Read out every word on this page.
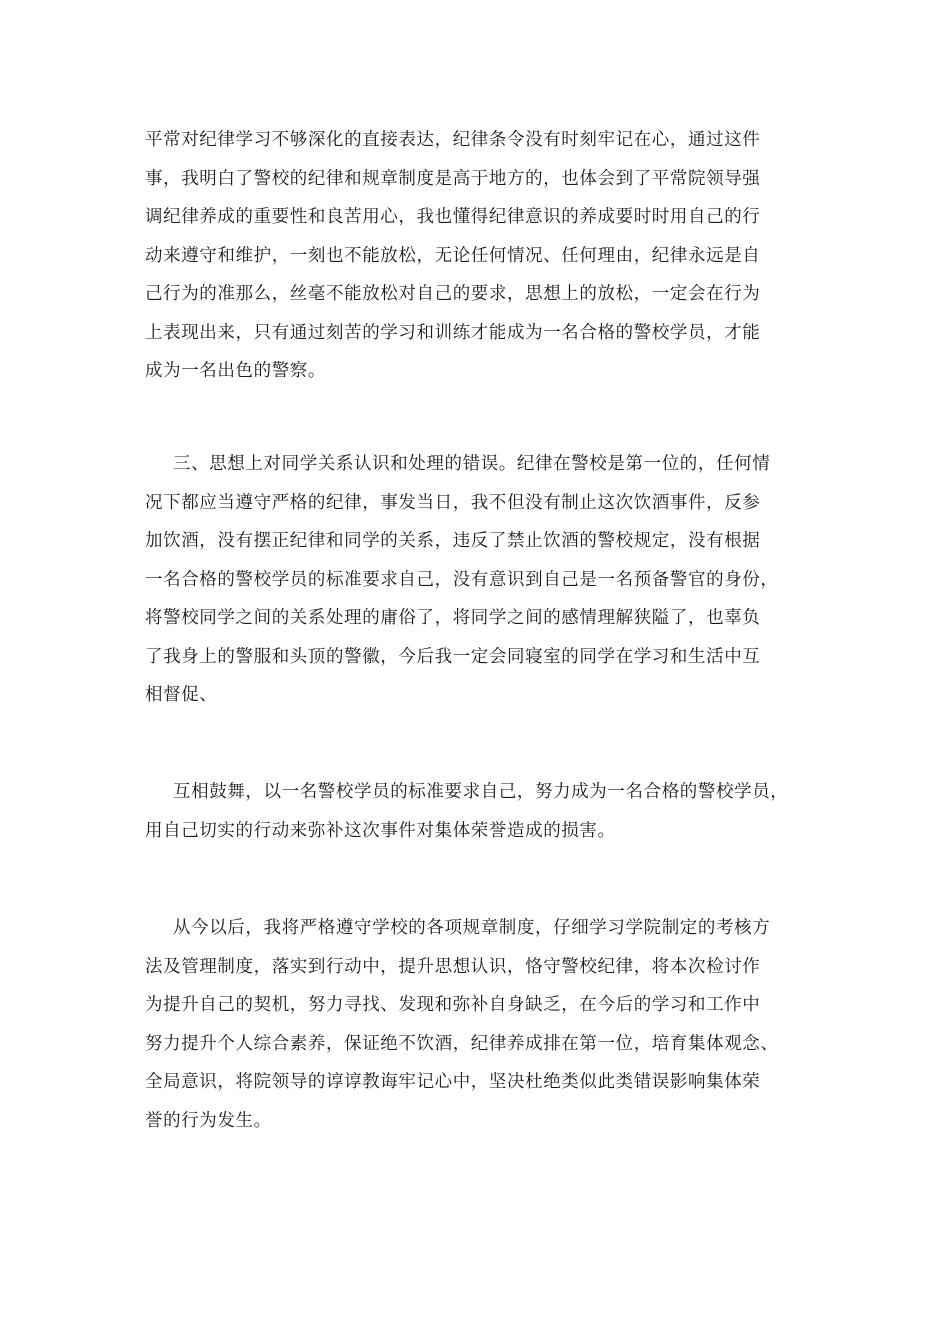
平常对纪律学习不够深化的直接表达，纪律条令没有时刻牢记在心，通过这件
事，我明白了警校的纪律和规章制度是高于地方的，也体会到了平常院领导强
调纪律养成的重要性和良苦用心，我也懂得纪律意识的养成要时时用自己的行
动来遵守和维护，一刻也不能放松，无论任何情况、任何理由，纪律永远是自
己行为的准那么，丝毫不能放松对自己的要求，思想上的放松，一定会在行为
上表现出来，只有通过刻苦的学习和训练才能成为一名合格的警校学员，才能
成为一名出色的警察。
三、思想上对同学关系认识和处理的错误。纪律在警校是第一位的，任何情
况下都应当遵守严格的纪律，事发当日，我不但没有制止这次饮酒事件，反参
加饮酒，没有摆正纪律和同学的关系，违反了禁止饮酒的警校规定，没有根据
一名合格的警校学员的标准要求自己，没有意识到自己是一名预备警官的身份，
将警校同学之间的关系处理的庸俗了，将同学之间的感情理解狭隘了，也辜负
了我身上的警服和头顶的警徽，今后我一定会同寝室的同学在学习和生活中互
相督促、
互相鼓舞，以一名警校学员的标准要求自己，努力成为一名合格的警校学员，
用自己切实的行动来弥补这次事件对集体荣誉造成的损害。
从今以后，我将严格遵守学校的各项规章制度，仔细学习学院制定的考核方
法及管理制度，落实到行动中，提升思想认识，恪守警校纪律，将本次检讨作
为提升自己的契机，努力寻找、发现和弥补自身缺乏，在今后的学习和工作中
努力提升个人综合素养，保证绝不饮酒，纪律养成排在第一位，培育集体观念、
全局意识，将院领导的谆谆教诲牢记心中，坚决杜绝类似此类错误影响集体荣
誉的行为发生。
